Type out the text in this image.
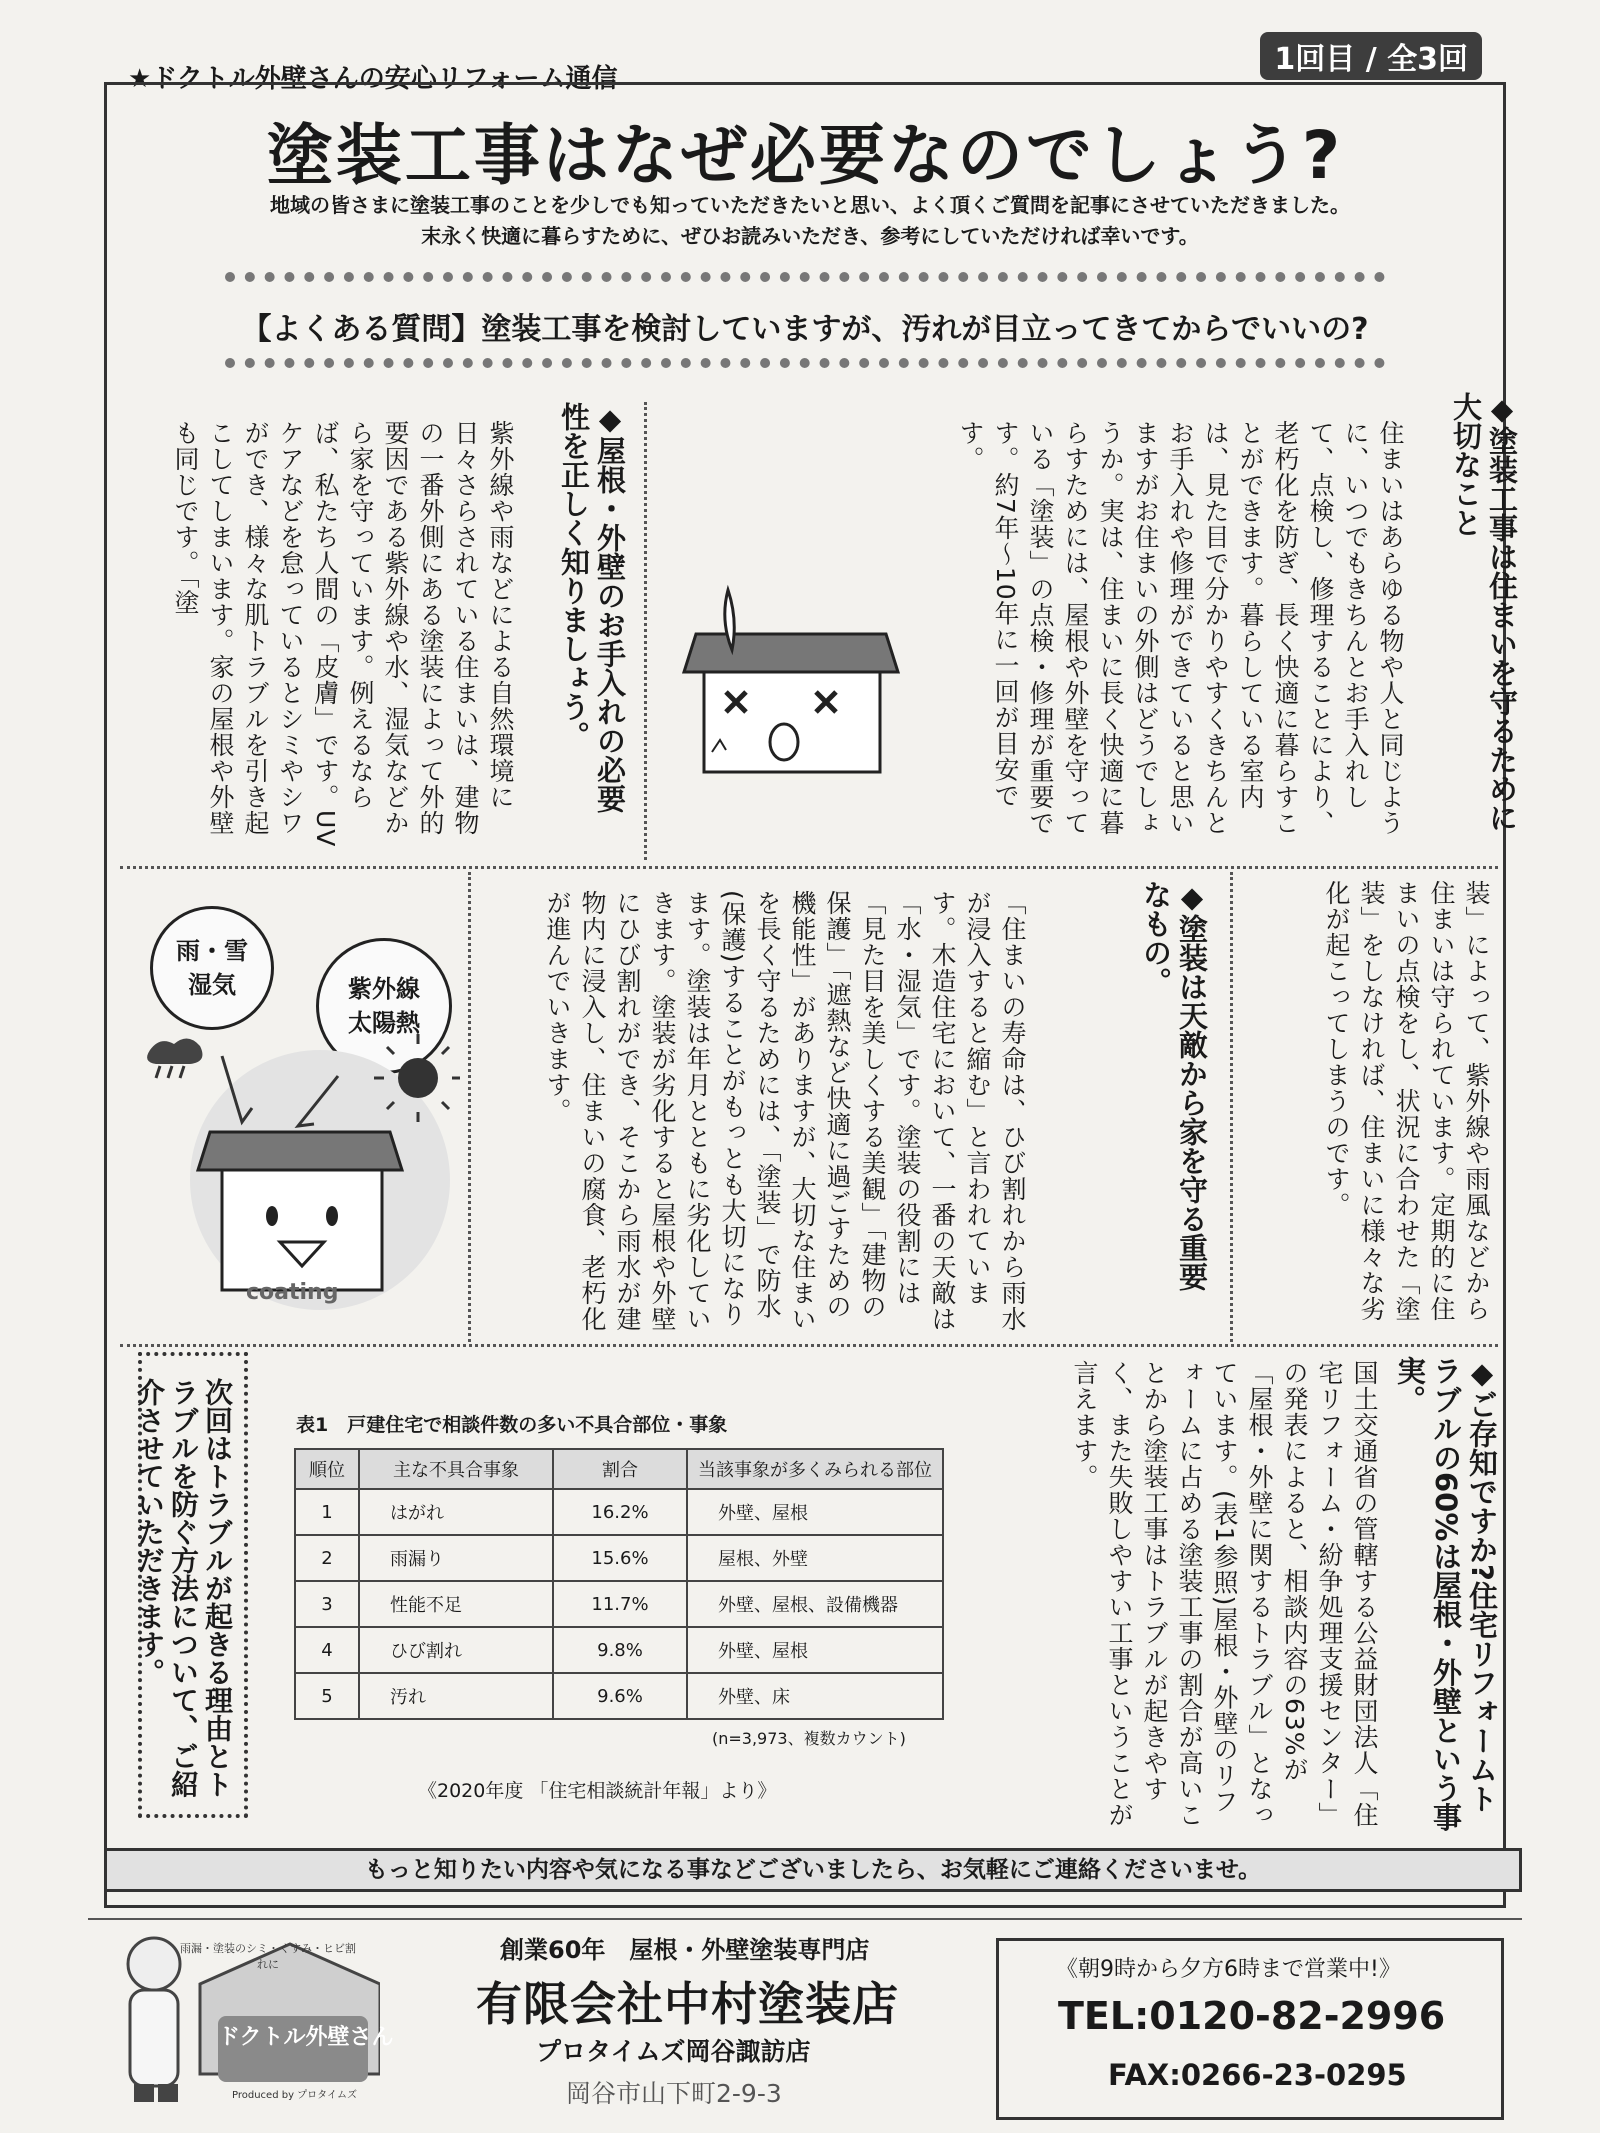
★ドクトル外壁さんの安心リフォーム通信
1回目 / 全3回
塗装工事はなぜ必要なのでしょう?
地域の皆さまに塗装工事のことを少しでも知っていただきたいと思い、よく頂くご質問を記事にさせていただきました。
末永く快適に暮らすために、ぜひお読みいただき、参考にしていただければ幸いです。
【よくある質問】塗装工事を検討していますが、汚れが目立ってきてからでいいの?
◆塗装工事は住まいを守るために大切なこと
住まいはあらゆる物や人と同じように、いつでもきちんとお手入れして、点検し、修理することにより、老朽化を防ぎ、長く快適に暮らすことができます。暮らしている室内は、見た目で分かりやすくきちんとお手入れや修理ができていると思いますがお住まいの外側はどうでしょうか。実は、住まいに長く快適に暮らすためには、屋根や外壁を守っている「塗装」の点検・修理が重要です。約7年～10年に一回が目安です。
◆屋根・外壁のお手入れの必要性を正しく知りましょう。
紫外線や雨などによる自然環境に日々さらされている住まいは、建物の一番外側にある塗装によって外的要因である紫外線や水、湿気などから家を守っています。例えるならば、私たち人間の「皮膚」です。UVケアなどを怠っているとシミやシワができ、様々な肌トラブルを引き起こしてしまいます。家の屋根や外壁も同じです。「塗
装」によって、紫外線や雨風などから住まいは守られています。定期的に住まいの点検をし、状況に合わせた「塗装」をしなければ、住まいに様々な劣化が起こってしまうのです。
◆塗装は天敵から家を守る重要なもの。
「住まいの寿命は、ひび割れから雨水が浸入すると縮む」と言われています。木造住宅において、一番の天敵は「水・湿気」です。塗装の役割には「見た目を美しくする美観」「建物の保護」「遮熱など快適に過ごすための機能性」がありますが、大切な住まいを長く守るためには、「塗装」で防水(保護)することがもっとも大切になります。塗装は年月とともに劣化していきます。塗装が劣化すると屋根や外壁にひび割れができ、そこから雨水が建物内に浸入し、住まいの腐食、老朽化が進んでいきます。
雨・雪
湿気	紫外線
太陽熱
coating
◆ご存知ですか?住宅リフォームトラブルの60%は屋根・外壁という事実。
国土交通省の管轄する公益財団法人「住宅リフォーム・紛争処理支援センター」の発表によると、相談内容の63%が「屋根・外壁に関するトラブル」となっています。(表1参照)屋根・外壁のリフォームに占める塗装工事の割合が高いことから塗装工事はトラブルが起きやすく、また失敗しやすい工事ということが言えます。
次回はトラブルが起きる理由とトラブルを防ぐ方法について、ご紹介させていただきます。	表1　戸建住宅で相談件数の多い不具合部位・事象
順位	主な不具合事象	割合	当該事象が多くみられる部位
1	はがれ	16.2%	外壁、屋根
2	雨漏り	15.6%	屋根、外壁
3	性能不足	11.7%	外壁、屋根、設備機器
4	ひび割れ	9.8%	外壁、屋根
5	汚れ	9.6%	外壁、床
(n=3,973、複数カウント)
《2020年度 「住宅相談統計年報」より》
もっと知りたい内容や気になる事などございましたら、お気軽にご連絡くださいませ。
ドクトル外壁さん
雨漏・塗装のシミ・くすみ・ヒビ割れに
Produced by プロタイムズ
創業60年　屋根・外壁塗装専門店
有限会社中村塗装店
プロタイムズ岡谷諏訪店
岡谷市山下町2-9-3
《朝9時から夕方6時まで営業中!》
TEL:0120-82-2996
FAX:0266-23-0295
